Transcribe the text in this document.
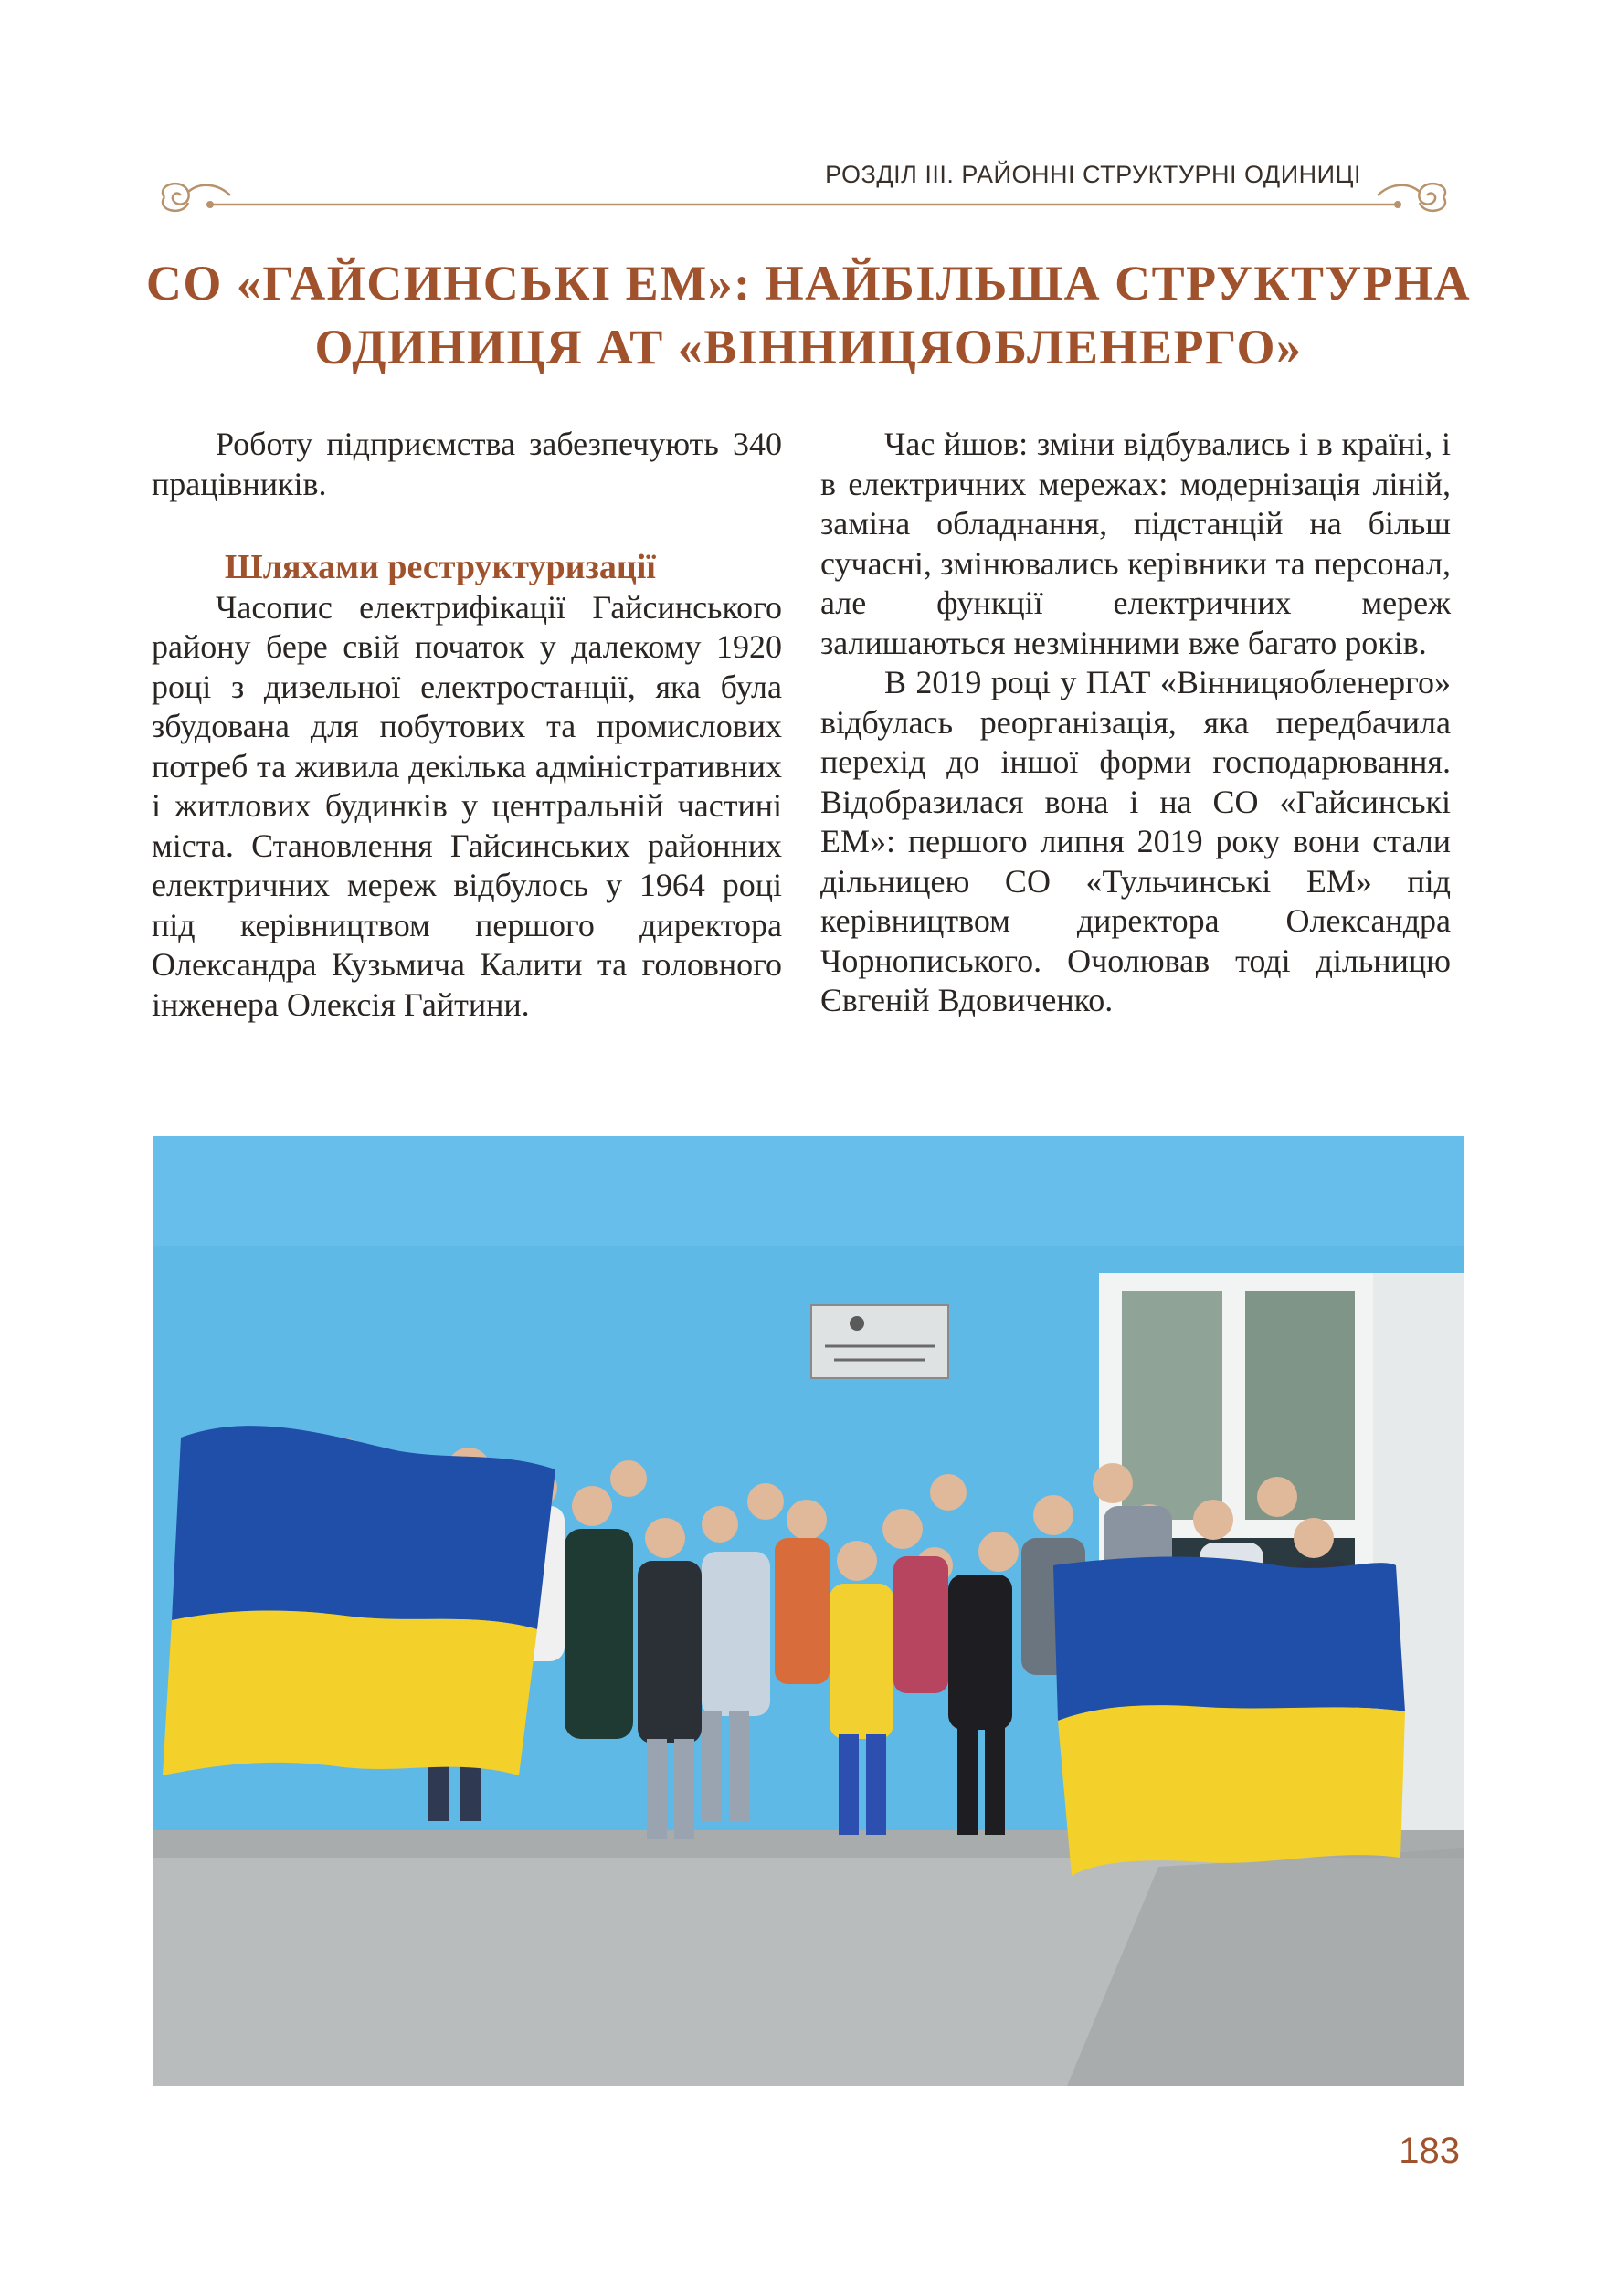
РОЗДІЛ ІІІ. РАЙОННІ СТРУКТУРНІ ОДИНИЦІ
СО «ГАЙСИНСЬКІ ЕМ»: НАЙБІЛЬША СТРУКТУРНА
ОДИНИЦЯ АТ «ВІННИЦЯОБЛЕНЕРГО»

Роботу підприємства забезпечують 340 працівників.

Шляхами реструктуризації

Часопис електрифікації Гайсинського району бере свій початок у далекому 1920 році з дизельної електростанції, яка була збудована для побутових та промислових потреб та живила декілька адміністративних і житлових будинків у центральній частині міста. Становлення Гайсинських районних електричних мереж відбулось у 1964 році під керівництвом першого директора Олександра Кузьмича Калити та головного інженера Олексія Гайтини.

Час йшов: зміни відбувались і в країні, і в електричних мережах: модернізація ліній, заміна обладнання, підстанцій на більш сучасні, змінювались керівники та персонал, але функції електричних мереж залишаються незмінними вже багато років.

В 2019 році у ПАТ «Вінницяобленерго» відбулась реорганізація, яка передбачила перехід до іншої форми господарювання. Відобразилася вона і на СО «Гайсинські ЕМ»: першого липня 2019 року вони стали дільницею СО «Тульчинські ЕМ» під керівництвом директора Олександра Чорнописького. Очолював тоді дільницю Євгеній Вдовиченко.

183
